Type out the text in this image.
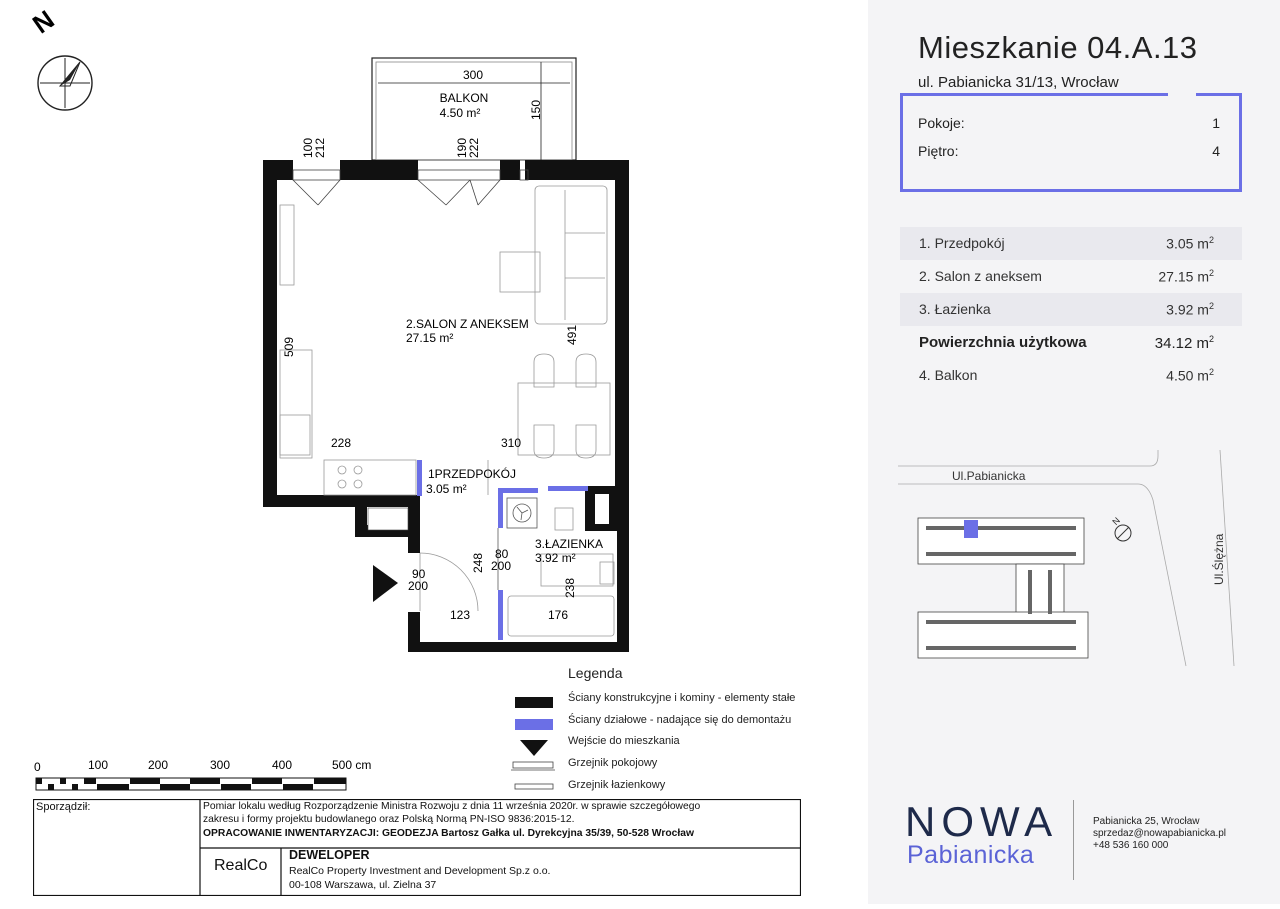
N
300
BALKON
4.50 m²	150
100
212	190
222
2.SALON Z ANEKSEM
27.15 m²
1PRZEDPOKÓJ
3.05 m²
3.ŁAZIENKA
3.92 m²
509
491
228	310
248 80
200
90
200	238
123	176
0	100	200	300	400	500 cm
Legenda
Ściany konstrukcyjne i kominy - elementy stałe
Ściany działowe - nadające się do demontażu
Wejście do mieszkania
Grzejnik pokojowy
Grzejnik łazienkowy
Sporządził:	Pomiar lokalu według Rozporządzenie Ministra Rozwoju z dnia 11 września 2020r. w sprawie szczegółowego
zakresu i formy projektu budowlanego oraz Polską Normą PN-ISO 9836:2015-12.
OPRACOWANIE INWENTARYZACJI: GEODEZJA Bartosz Gałka ul. Dyrekcyjna 35/39, 50-528 Wrocław
RealCo
DEWELOPER
RealCo Property Investment and Development Sp.z o.o.
00-108 Warszawa, ul. Zielna 37
Mieszkanie 04.A.13
ul. Pabianicka 31/13, Wrocław
Pokoje:	1
Piętro:	4
1. Przedpokój	3.05 $m^2$
2. Salon z aneksem	27.15 $m^2$
3. Łazienka	3.92 $m^2$
Powierzchnia użytkowa	34.12 $m^2$
4. Balkon	4.50 $m^2$
Ul.Pabianicka
Ul.Ślężna
N
NOWA
Pabianicka
Pabianicka 25, Wrocław
sprzedaz@nowapabianicka.pl
+48 536 160 000
